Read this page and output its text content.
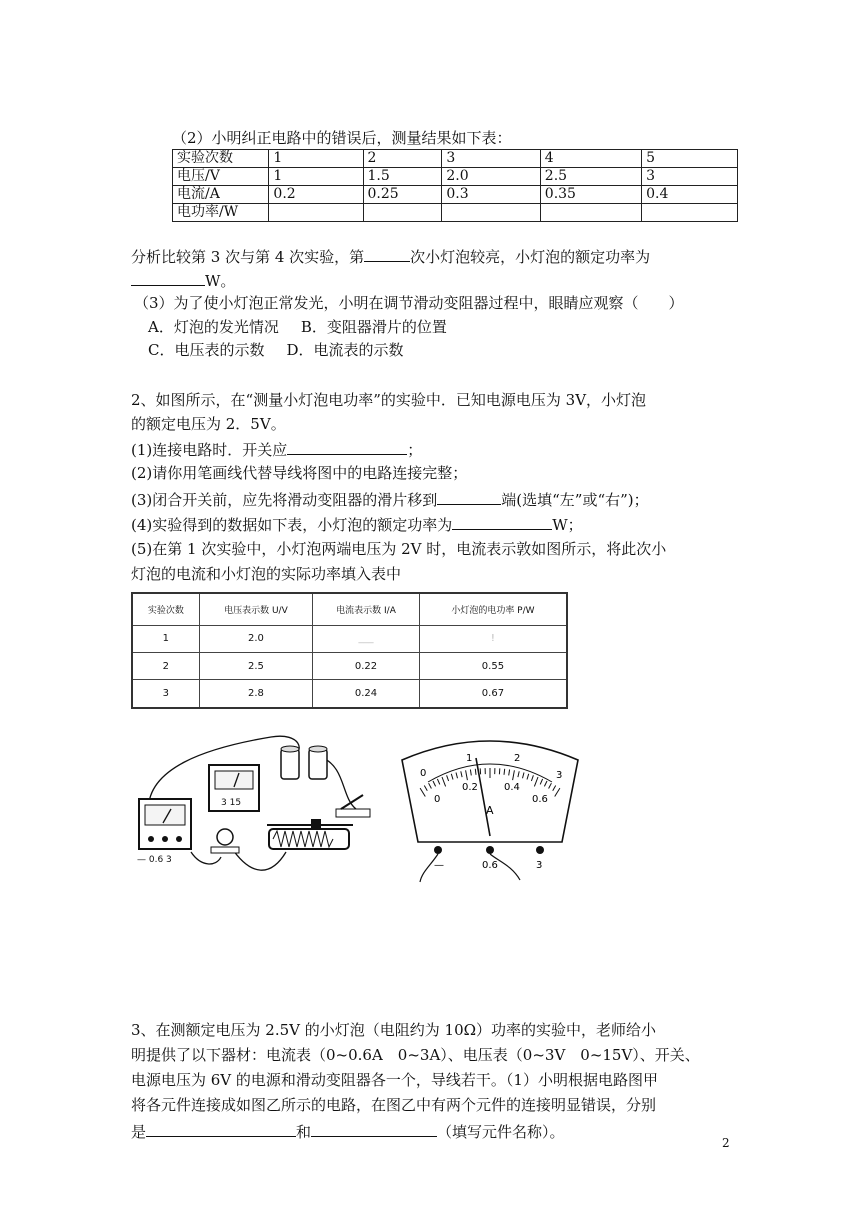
（2）小明纠正电路中的错误后，测量结果如下表：
实验次数	1	2	3	4	5
电压/V	1	1.5	2.0	2.5	3
电流/A	0.2	0.25	0.3	0.35	0.4
电功率/W					
分析比较第 3 次与第 4 次实验，第	次小灯泡较亮，小灯泡的额定功率为
W。
（3）为了使小灯泡正常发光，小明在调节滑动变阻器过程中，眼睛应观察（　　）
A．灯泡的发光情况 B．变阻器滑片的位置
C．电压表的示数 D．电流表的示数
2、如图所示，在“测量小灯泡电功率”的实验中．已知电源电压为 3V，小灯泡
的额定电压为 2．5V。
(1)连接电路时．开关应	；
(2)请你用笔画线代替导线将图中的电路连接完整；
(3)闭合开关前，应先将滑动变阻器的滑片移到	端(选填“左”或“右”)；
(4)实验得到的数据如下表，小灯泡的额定功率为	W；
(5)在第 1 次实验中，小灯泡两端电压为 2V 时，电流表示敦如图所示，将此次小
灯泡的电流和小灯泡的实际功率填入表中
实验次数	电压表示数 U/V	电流表示数 I/A	小灯泡的电功率 P/W
1	2.0	___	!
2	2.5	0.22	0.55
3	2.8	0.24	0.67
3 15
— 0.6 3
0
1	2
3
0
0.2	0.4
0.6
A
—	0.6	3
3、在测额定电压为 2.5V 的小灯泡（电阻约为 10Ω）功率的实验中，老师给小
明提供了以下器材：电流表（0~0.6A　0~3A）、电压表（0~3V　0~15V）、开关、
电源电压为 6V 的电源和滑动变阻器各一个，导线若干。（1）小明根据电路图甲
将各元件连接成如图乙所示的电路，在图乙中有两个元件的连接明显错误，分别
是	和	（填写元件名称）。
2
